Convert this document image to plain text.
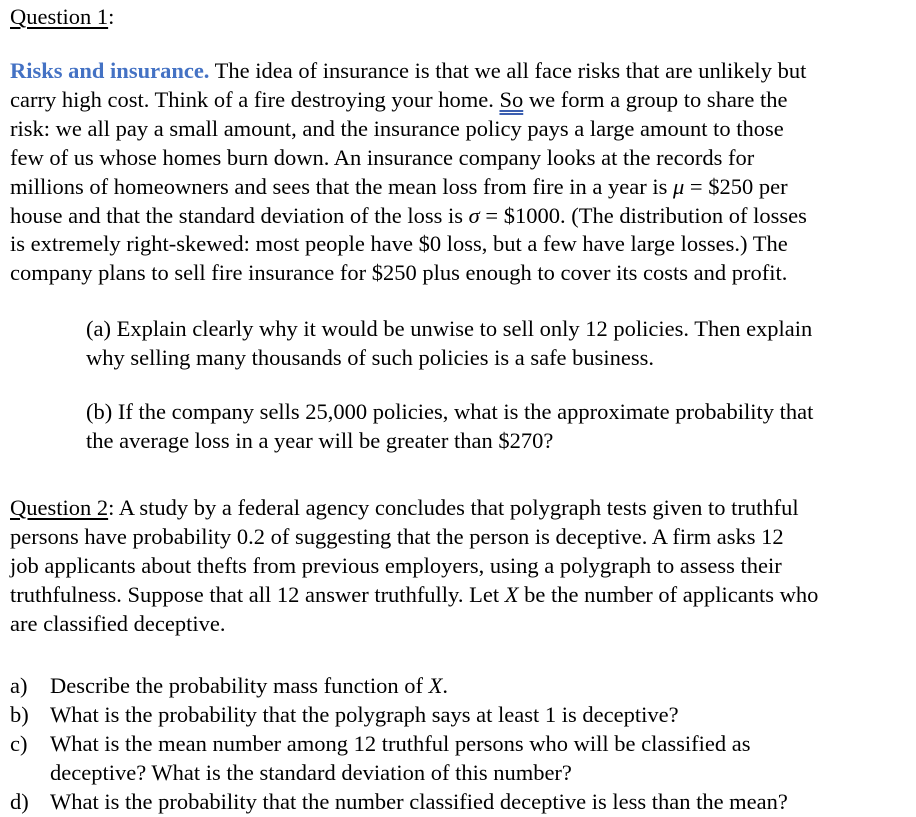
Question 1:
Risks and insurance. The idea of insurance is that we all face risks that are unlikely but
carry high cost. Think of a fire destroying your home. So we form a group to share the
risk: we all pay a small amount, and the insurance policy pays a large amount to those
few of us whose homes burn down. An insurance company looks at the records for
millions of homeowners and sees that the mean loss from fire in a year is μ = $250 per
house and that the standard deviation of the loss is σ = $1000. (The distribution of losses
is extremely right-skewed: most people have $0 loss, but a few have large losses.) The
company plans to sell fire insurance for $250 plus enough to cover its costs and profit.
(a) Explain clearly why it would be unwise to sell only 12 policies. Then explain
why selling many thousands of such policies is a safe business.
(b) If the company sells 25,000 policies, what is the approximate probability that
the average loss in a year will be greater than $270?
Question 2: A study by a federal agency concludes that polygraph tests given to truthful
persons have probability 0.2 of suggesting that the person is deceptive. A firm asks 12
job applicants about thefts from previous employers, using a polygraph to assess their
truthfulness. Suppose that all 12 answer truthfully. Let X be the number of applicants who
are classified deceptive.
a) Describe the probability mass function of X.
b) What is the probability that the polygraph says at least 1 is deceptive?
c) What is the mean number among 12 truthful persons who will be classified as
deceptive? What is the standard deviation of this number?
d) What is the probability that the number classified deceptive is less than the mean?
